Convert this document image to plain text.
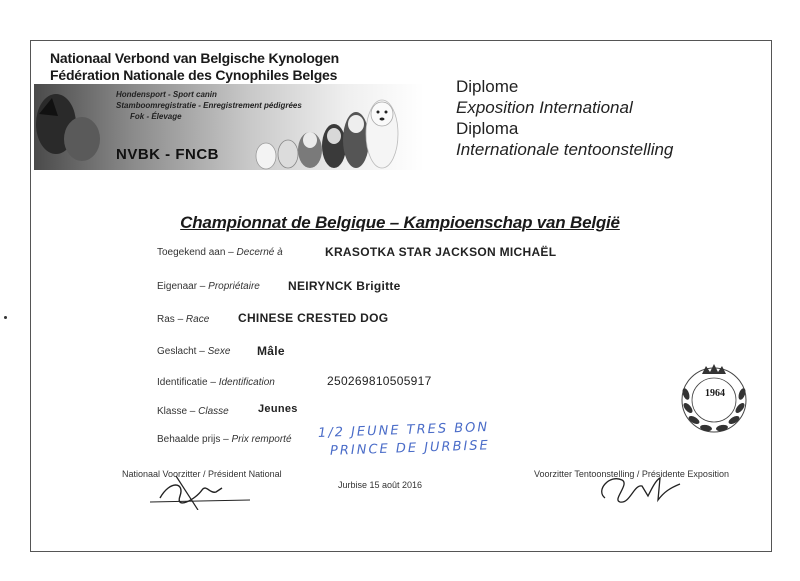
Nationaal Verbond van Belgische Kynologen
Fédération Nationale des Cynophiles Belges
Hondensport - Sport canin
Stamboomregistratie - Enregistrement pédigrées
Fok - Élevage
NVBK - FNCB
Diplome
Exposition International
Diploma
Internationale tentoonstelling
Championnat de Belgique – Kampioenschap van België
Toegekend aan – Decerné à	KRASOTKA STAR JACKSON MICHAËL
Eigenaar – Propriétaire NEIRYNCK Brigitte
Ras – Race CHINESE CRESTED DOG
Geslacht – Sexe Mâle
Identificatie – Identification	250269810505917
Klasse – Classe	Jeunes
Behaalde prijs – Prix remporté 1/2 JEUNE TRES BON
PRINCE DE JURBISE
Nationaal Voorzitter / Président National	Voorzitter Tentoonstelling / Présidente Exposition
Jurbise 15 août 2016
1964
